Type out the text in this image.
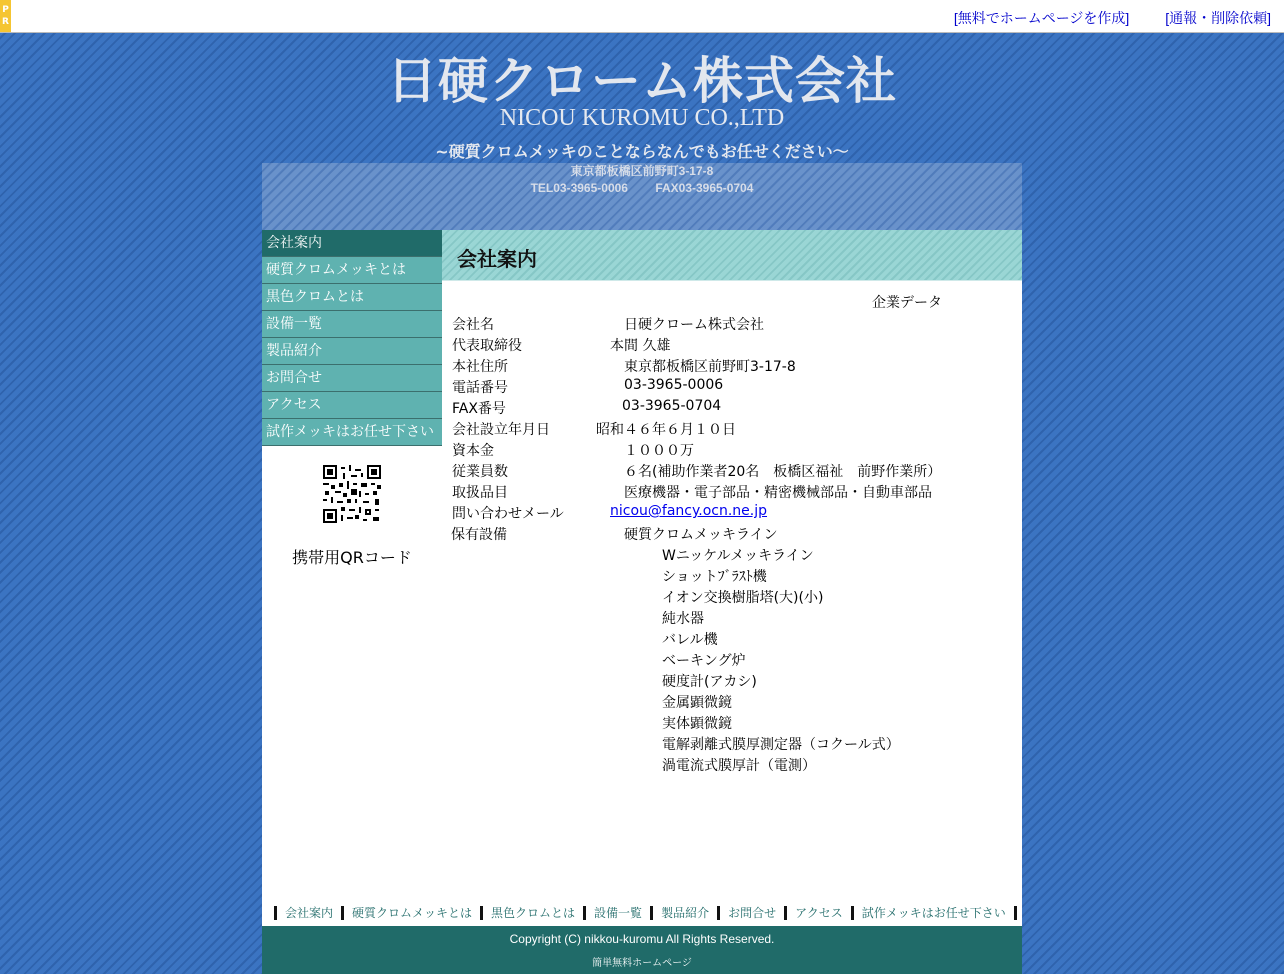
P
R	[無料でホームページを作成]	[通報・削除依頼]
日硬クローム株式会社
NICOU KUROMU CO.,LTD
~硬質クロムメッキのことならなんでもお任せください～
東京都板橋区前野町3-17-8
TEL03-3965-0006 FAX03-3965-0704
会社案内
硬質クロムメッキとは
黒色クロムとは
設備一覧
製品紹介
お問合せ
アクセス
試作メッキはお任せ下さい
携帯用QRコード
会社案内
企業データ
会社名	日硬クローム株式会社
代表取締役	本間 久雄
本社住所	東京都板橋区前野町3-17-8
電話番号	03-3965-0006
FAX番号	03-3965-0704
会社設立年月日	昭和４６年６月１０日
資本金	１０００万
従業員数	６名(補助作業者20名　板橋区福祉　前野作業所）
取扱品目	医療機器・電子部品・精密機械部品・自動車部品
問い合わせメール	nicou@fancy.ocn.ne.jp
保有設備	硬質クロムメッキライン
Wニッケルメッキライン
ショットﾌﾞﾗｽﾄ機
イオン交換樹脂塔(大)(小)
純水器
バレル機
ベーキング炉
硬度計(アカシ)
金属顕微鏡
実体顕微鏡
電解剥離式膜厚測定器（コクール式）
渦電流式膜厚計（電測）
会社案内 硬質クロムメッキとは 黒色クロムとは 設備一覧 製品紹介 お問合せ アクセス 試作メッキはお任せ下さい
Copyright (C) nikkou-kuromu All Rights Reserved.
簡単無料ホームページ
